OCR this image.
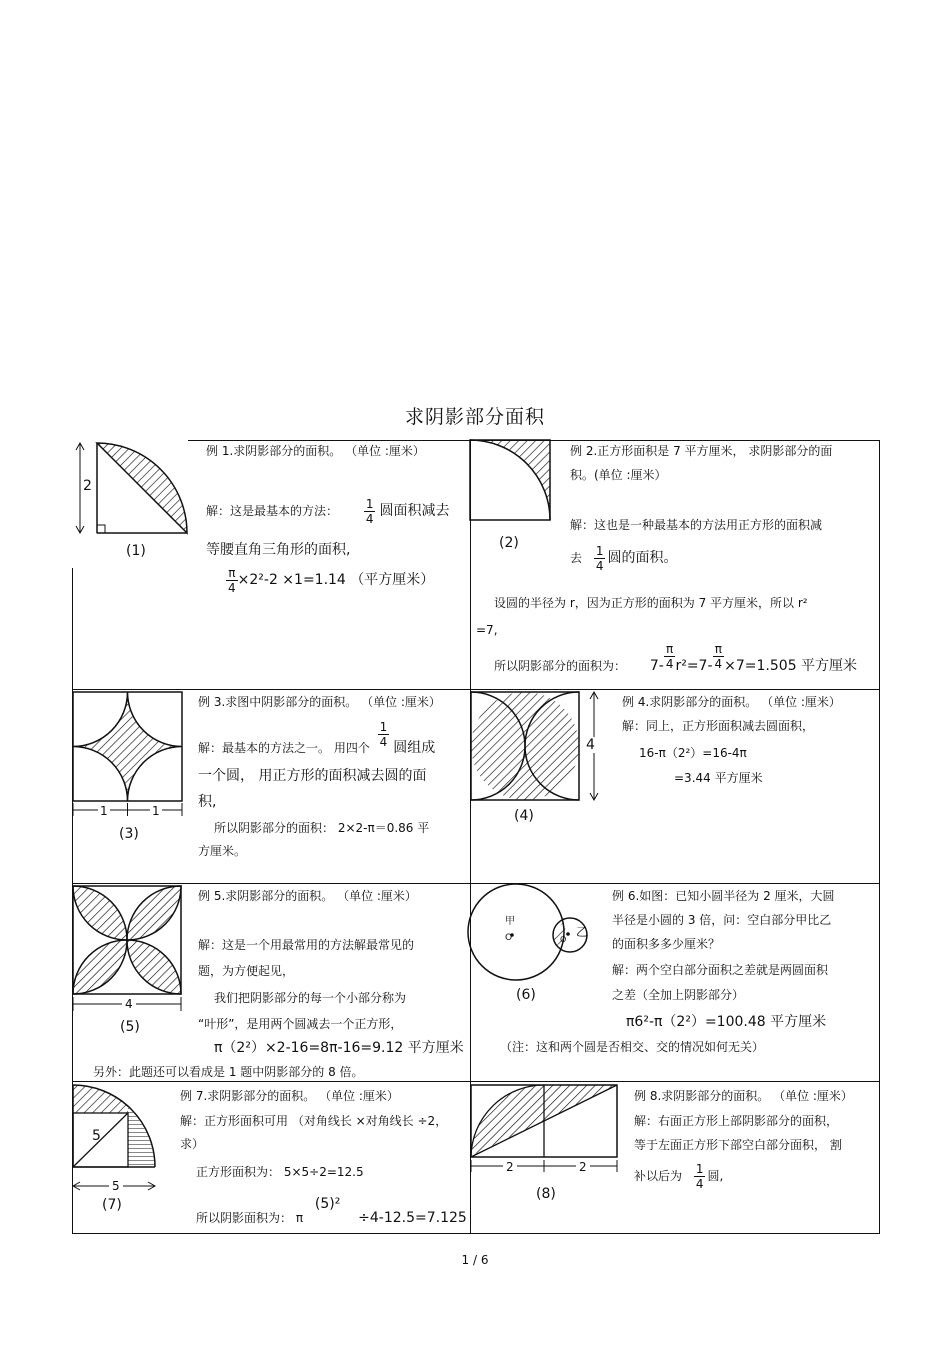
求阴影部分面积
2
(1)	(2)
1	1
(3)
4
(4)
4
(5)
甲
O	O
乙
(6)
5
5
(7)
2	2
(8)
例 1.求阴影部分的面积。 （单位 :厘米）
解：这是最基本的方法： $\frac{1}{4}$ 圆面积减去
等腰直角三角形的面积,
$\frac{\pi}{4} \times 2^2-2 \times 1=1.14$ （平方厘米）
例 2.正方形面积是 7 平方厘米， 求阴影部分的面
积。(单位 :厘米）
解：这也是一种最基本的方法用正方形的面积减
去 $\frac{1}{4}$ 圆的面积。
设圆的半径为 r，因为正方形的面积为 7 平方厘米，所以 r²
=7,
所以阴影部分的面积为： $7- \frac{\pi}{4} r^2=7- \frac{\pi}{4} \times 7=1.505$ 平方厘米
例 3.求图中阴影部分的面积。 （单位 :厘米）
解：最基本的方法之一。 用四个 $\frac{1}{4}$ 圆组成
一个圆， 用正方形的面积减去圆的面
积,
所以阴影部分的面积： 2×2-π＝0.86 平
方厘米。
例 4.求阴影部分的面积。 （单位 :厘米）
解：同上，正方形面积减去圆面积，
16-π（2²）=16-4π
=3.44 平方厘米
例 5.求阴影部分的面积。 （单位 :厘米）
解：这是一个用最常用的方法解最常见的
题，为方便起见，
我们把阴影部分的每一个小部分称为
“叶形”，是用两个圆减去一个正方形，
π（2²）×2-16=8π-16=9.12 平方厘米
另外：此题还可以看成是 1 题中阴影部分的 8 倍。
例 6.如图：已知小圆半径为 2 厘米，大圆
半径是小圆的 3 倍，问：空白部分甲比乙
的面积多多少厘米？
解：两个空白部分面积之差就是两圆面积
之差（全加上阴影部分）
π6²-π（2²）=100.48 平方厘米
（注：这和两个圆是否相交、交的情况如何无关）
例 7.求阴影部分的面积。 （单位 :厘米）
解：正方形面积可用 （对角线长 ×对角线长 ÷2，
求）
正方形面积为： 5×5÷2=12.5
所以阴影面积为： π (5)² ÷4-12.5=7.125
例 8.求阴影部分的面积。 （单位 :厘米）
解：右面正方形上部阴影部分的面积，
等于左面正方形下部空白部分面积， 割
补以后为 $\frac{1}{4}$ 圆,
1 / 6
